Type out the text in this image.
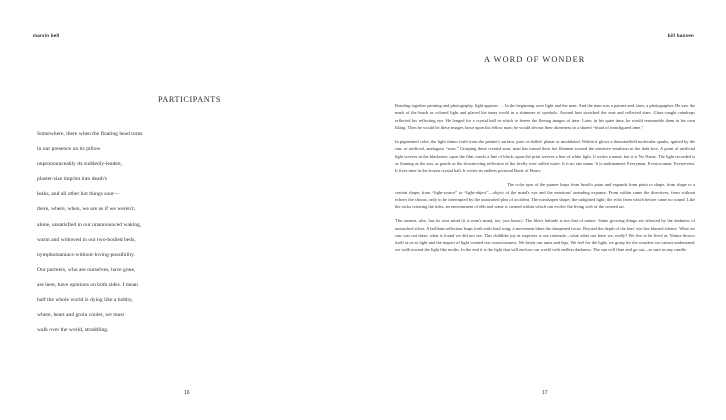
marvin bell	bill hansen
PARTICIPANTS
Somewhere, there when the floating head turns
in our presence on its pillow
unpronounceably its suddenly-leaden,
plaster-size imprint into death's
leaks, and all other hot things sour—
there, where, when, we are as if we weren't;
alone, unsatisfied in our unannounced waking,
warm and widowed in our two-bodied beds,
nymphomaniacs-without-loving-possibility.
Our partners, who are ourselves, have gone,
are here, have opinions on both sides. I mean
half the whole world is dying like a hobby,
where, heart and groin cooler, we must
walk over the world, straddling.
A WORD OF WONDER

Bonding together painting and photography, light appears . . . In the beginning were light and the man. And the man was a painter and, later, a photographer. He saw the mark of the brush as colored light and placed his inner world in a shimmer of symbols. Around him stretched the seas and reflected stars. Glass-caught raindrops reflected his reflecting eye. He longed for a crystal ball in which to freeze the fleeing images of time. Later, in his quiet time, he would reassemble them to his own liking. Then he would let these images loose upon his fellow man; he would devour their aloneness in a shared “ritual of transfigured time.”

In pigmented color, the light shines forth from the painter's surface, pure or dulled, planar or modulated. Within it glows a thousandfold molecular sparks, ignited by the sun, or artificial, analogous “suns.” Grasping these created suns, man has turned their hot filament toward the sensitive emulsion in the dark box. A point of artificial light weaves in the blackness: upon the film crawls a line of black; upon the print weaves a line of white light. It writes a name, but it is No Name. The light recorded is as flaming as the sun, as gentle as the slowmoving reflection of the firefly over stilled water. It is no one name. It is multinamed: Everyman, Everywoman, Everyevent. It fixes time in the frozen crystal ball. It writes its endless pictorial Book of Hours.

The color spot of the painter leaps from brush's point and expands from point to shape, from shape to a certain shape; from “light-source” to “light-object”—object of the mind's eye and the emotions' unending expanse. From within came the directives, from without echoes the chorus, only to be interrupted by the unawaited plea of accident. The misshapen shape; the unlighted light; the echo from which before came no sound: Like the rocks resisting the tides, an environment of ebb and wane is created within which can evolve the living web of the created art.

The camera, also, has its own mind (it is man's mind, too, you know). The film's latitude is not that of nature. Some growing things are silenced by the darkness of untouched silver. A brilliant reflection leaps forth with loud song; a movement blurs the sharpened focus. Beyond the depth of the lens' eye lies blurred silence. What we saw was not there, what is found we did not see. This childlike joy at surprises is our rationale—what other use have we, really? We live to be lived at. Nature throws itself at us as light and the impact of light created our consciousness. We bestir our arms and legs. We feel for the light; we grasp for the wonders we cannot understand; we walk toward the light like moths. In the end it is the light that will enclose our world with endless darkness. The sun will flare and go out—as sure as any candle.

16	17
